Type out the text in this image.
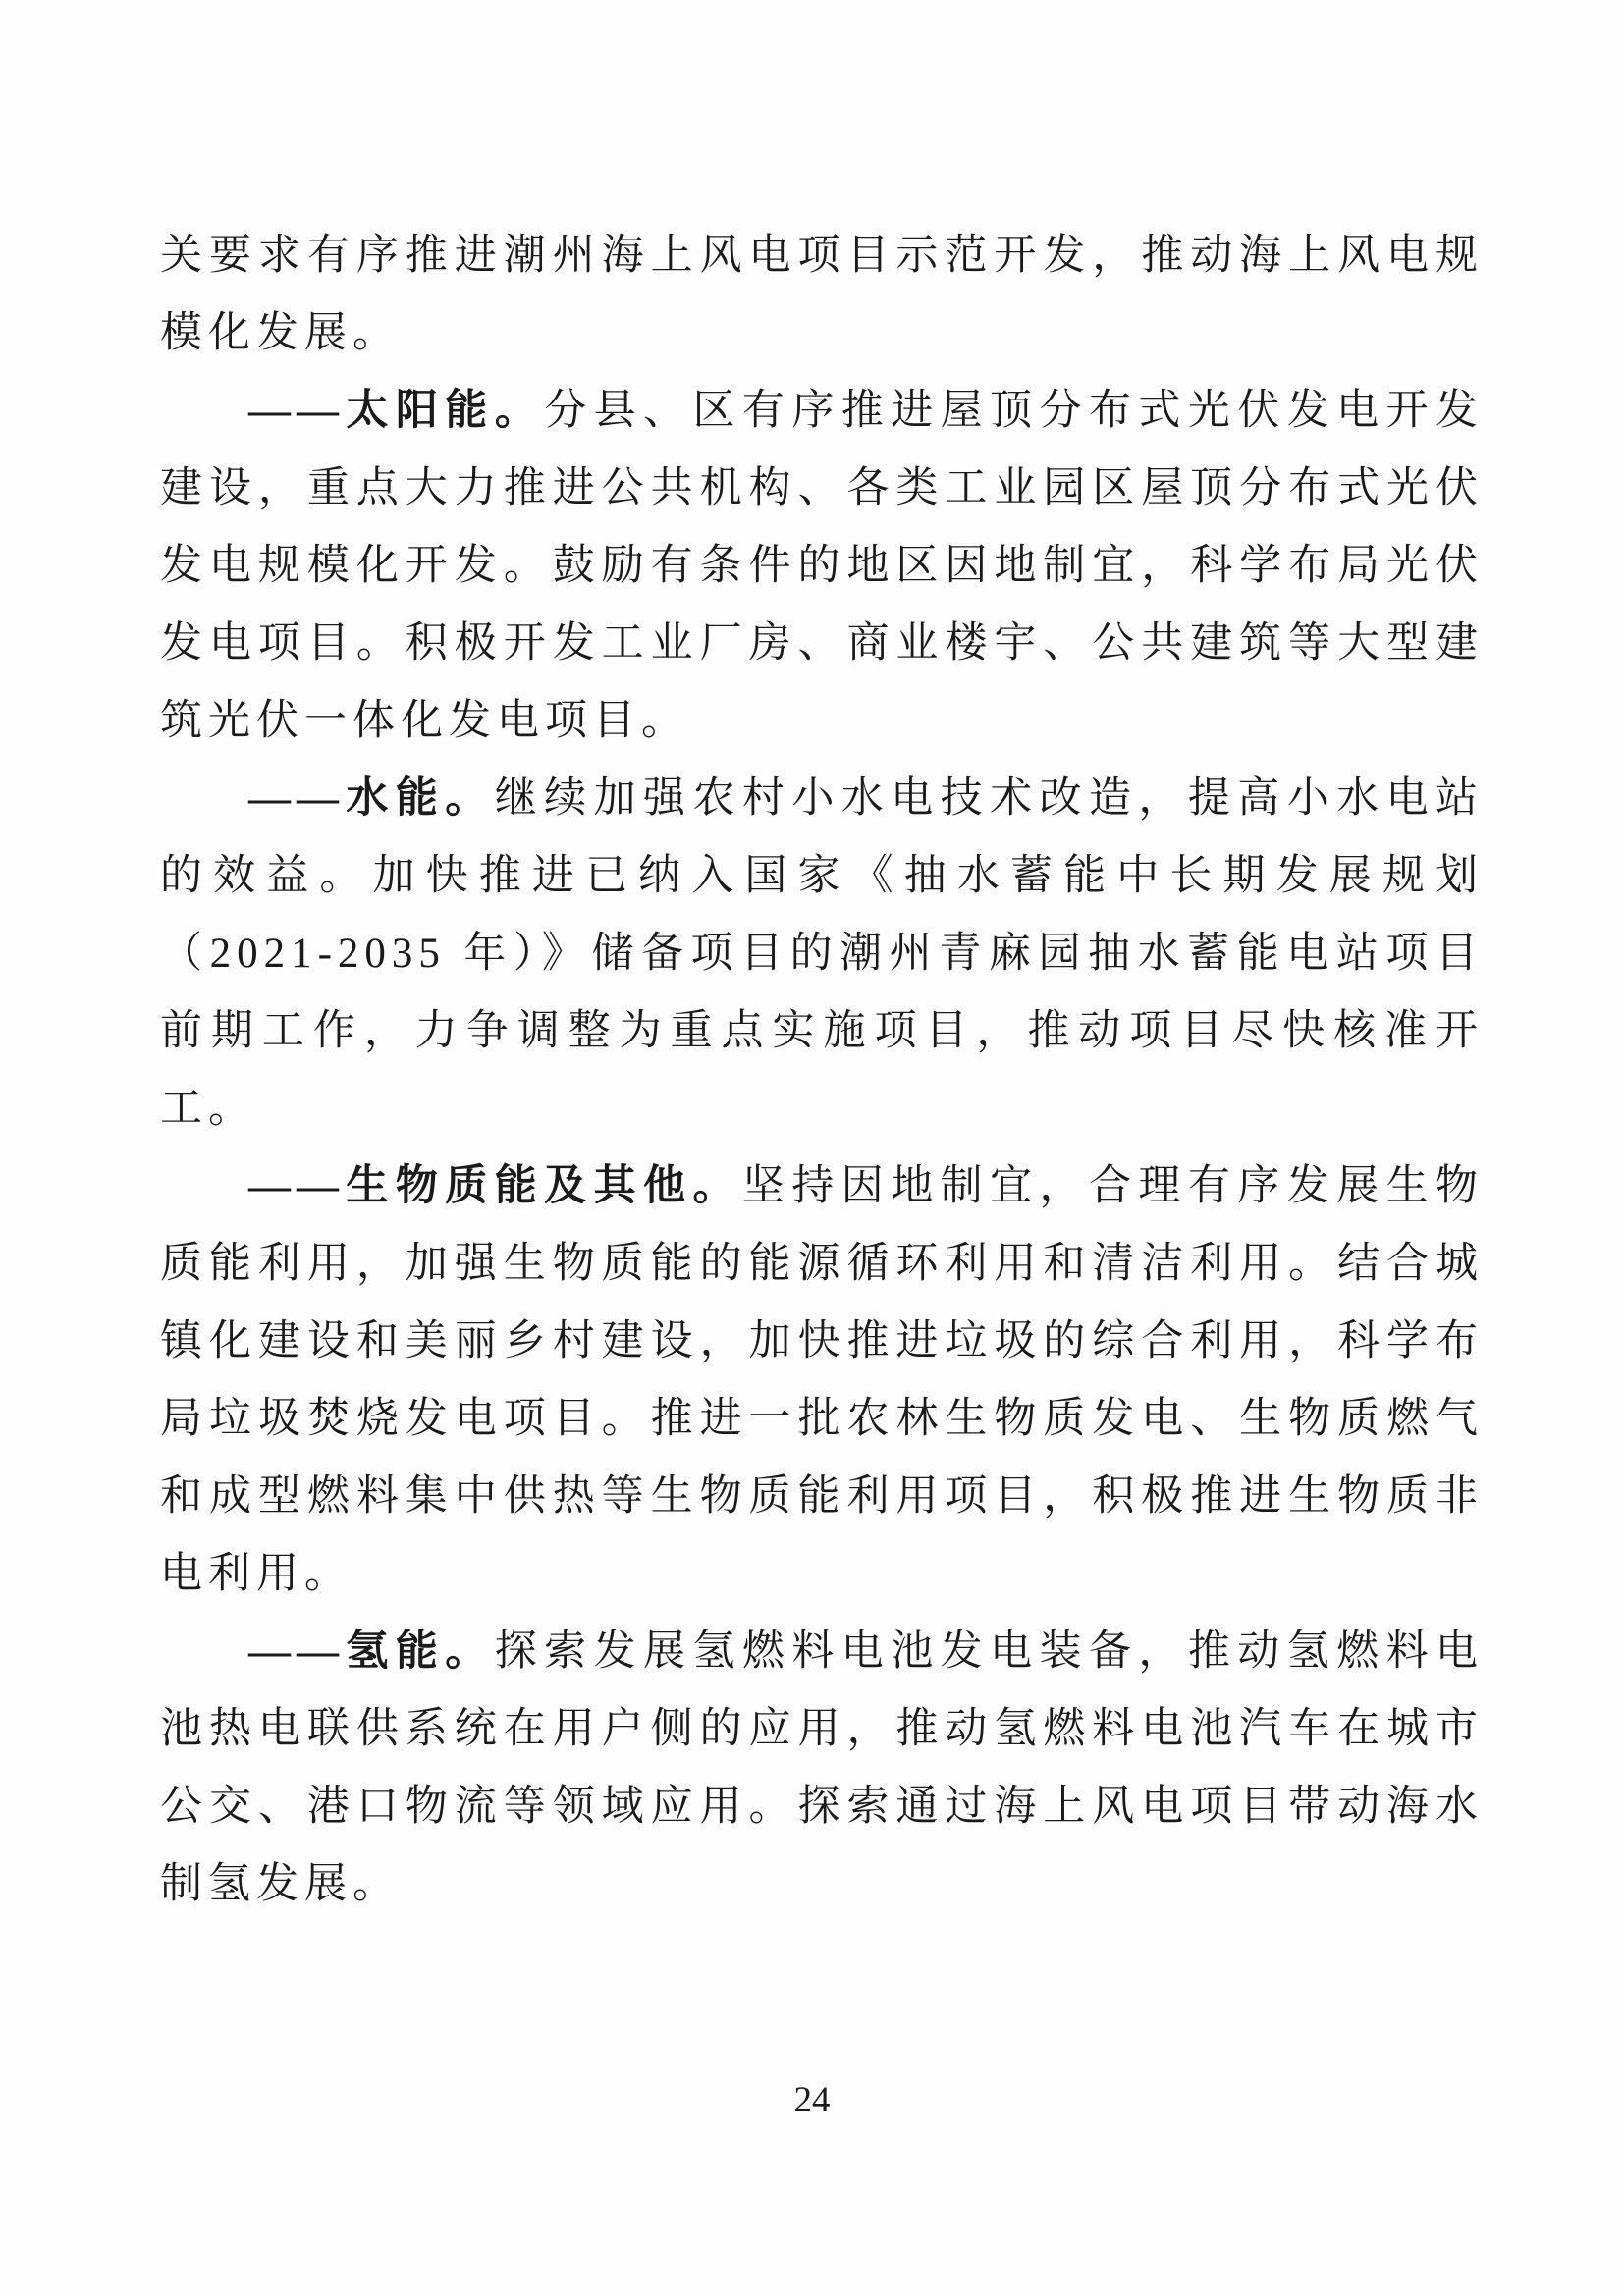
关要求有序推进潮州海上风电项目示范开发，推动海上风电规模化发展。

——太阳能。分县、区有序推进屋顶分布式光伏发电开发建设，重点大力推进公共机构、各类工业园区屋顶分布式光伏发电规模化开发。鼓励有条件的地区因地制宜，科学布局光伏发电项目。积极开发工业厂房、商业楼宇、公共建筑等大型建筑光伏一体化发电项目。

——水能。继续加强农村小水电技术改造，提高小水电站的效益。加快推进已纳入国家《抽水蓄能中长期发展规划（2021-2035 年）》储备项目的潮州青麻园抽水蓄能电站项目前期工作，力争调整为重点实施项目，推动项目尽快核准开工。

——生物质能及其他。坚持因地制宜，合理有序发展生物质能利用，加强生物质能的能源循环利用和清洁利用。结合城镇化建设和美丽乡村建设，加快推进垃圾的综合利用，科学布局垃圾焚烧发电项目。推进一批农林生物质发电、生物质燃气和成型燃料集中供热等生物质能利用项目，积极推进生物质非电利用。

——氢能。探索发展氢燃料电池发电装备，推动氢燃料电池热电联供系统在用户侧的应用，推动氢燃料电池汽车在城市公交、港口物流等领域应用。探索通过海上风电项目带动海水制氢发展。

24
